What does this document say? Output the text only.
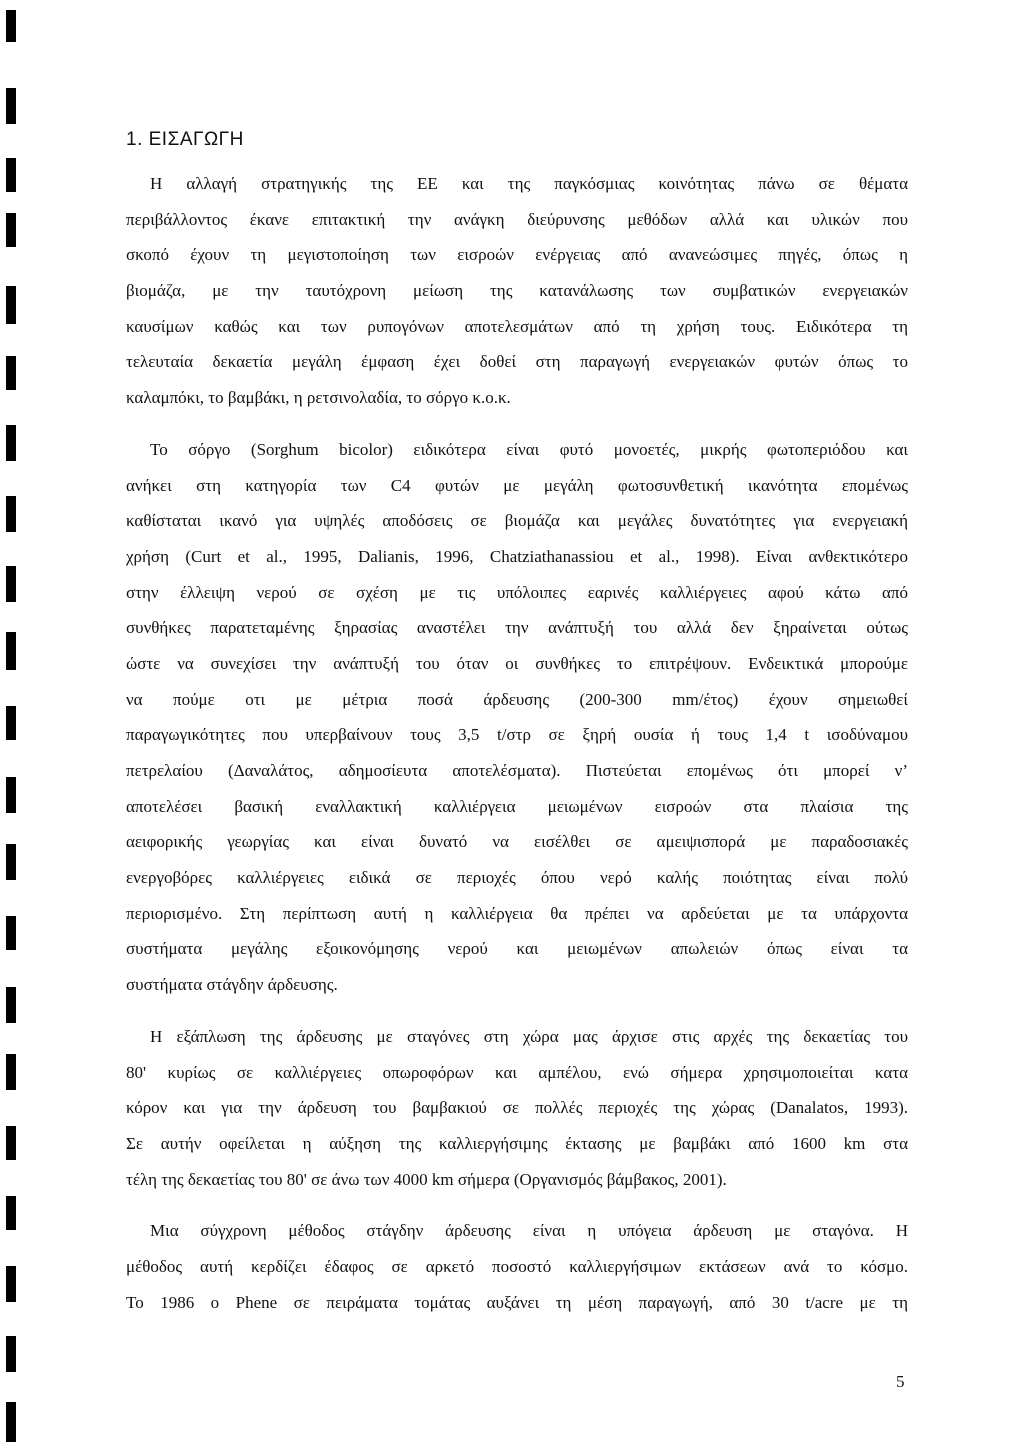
1. ΕΙΣΑΓΩΓΗ

Η αλλαγή στρατηγικής της ΕΕ και της παγκόσμιας κοινότητας πάνω σε θέματα
περιβάλλοντος έκανε επιτακτική την ανάγκη διεύρυνσης μεθόδων αλλά και υλικών που
σκοπό έχουν τη μεγιστοποίηση των εισροών ενέργειας από ανανεώσιμες πηγές, όπως η
βιομάζα, με την ταυτόχρονη μείωση της κατανάλωσης των συμβατικών ενεργειακών
καυσίμων καθώς και των ρυπογόνων αποτελεσμάτων από τη χρήση τους. Ειδικότερα τη
τελευταία δεκαετία μεγάλη έμφαση έχει δοθεί στη παραγωγή ενεργειακών φυτών όπως το
καλαμπόκι, το βαμβάκι, η ρετσινολαδία, το σόργο κ.ο.κ.

Το σόργο (Sorghum bicolor) ειδικότερα είναι φυτό μονοετές, μικρής φωτοπεριόδου και
ανήκει στη κατηγορία των C4 φυτών με μεγάλη φωτοσυνθετική ικανότητα επομένως
καθίσταται ικανό για υψηλές αποδόσεις σε βιομάζα και μεγάλες δυνατότητες για ενεργειακή
χρήση (Curt et al., 1995, Dalianis, 1996, Chatziathanassiou et al., 1998). Είναι ανθεκτικότερο
στην έλλειψη νερού σε σχέση με τις υπόλοιπες εαρινές καλλιέργειες αφού κάτω από
συνθήκες παρατεταμένης ξηρασίας αναστέλει την ανάπτυξή του αλλά δεν ξηραίνεται ούτως
ώστε να συνεχίσει την ανάπτυξή του όταν οι συνθήκες το επιτρέψουν. Ενδεικτικά μπορούμε
να πούμε οτι με μέτρια ποσά άρδευσης (200-300 mm/έτος) έχουν σημειωθεί
παραγωγικότητες που υπερβαίνουν τους 3,5 t/στρ σε ξηρή ουσία ή τους 1,4 t ισοδύναμου
πετρελαίου (Δαναλάτος, αδημοσίευτα αποτελέσματα). Πιστεύεται επομένως ότι μπορεί ν’
αποτελέσει βασική εναλλακτική καλλιέργεια μειωμένων εισροών στα πλαίσια της
αειφορικής γεωργίας και είναι δυνατό να εισέλθει σε αμειψισπορά με παραδοσιακές
ενεργοβόρες καλλιέργειες ειδικά σε περιοχές όπου νερό καλής ποιότητας είναι πολύ
περιορισμένο. Στη περίπτωση αυτή η καλλιέργεια θα πρέπει να αρδεύεται με τα υπάρχοντα
συστήματα μεγάλης εξοικονόμησης νερού και μειωμένων απωλειών όπως είναι τα
συστήματα στάγδην άρδευσης.

Η εξάπλωση της άρδευσης με σταγόνες στη χώρα μας άρχισε στις αρχές της δεκαετίας του
80' κυρίως σε καλλιέργειες οπωροφόρων και αμπέλου, ενώ σήμερα χρησιμοποιείται κατα
κόρον και για την άρδευση του βαμβακιού σε πολλές περιοχές της χώρας (Danalatos, 1993).
Σε αυτήν οφείλεται η αύξηση της καλλιεργήσιμης έκτασης με βαμβάκι από 1600 km στα
τέλη της δεκαετίας του 80' σε άνω των 4000 km σήμερα (Οργανισμός βάμβακος, 2001).

Μια σύγχρονη μέθοδος στάγδην άρδευσης είναι η υπόγεια άρδευση με σταγόνα. Η
μέθοδος αυτή κερδίζει έδαφος σε αρκετό ποσοστό καλλιεργήσιμων εκτάσεων ανά το κόσμο.
Το 1986 ο Phene σε πειράματα τομάτας αυξάνει τη μέση παραγωγή, από 30 t/acre με τη

5
